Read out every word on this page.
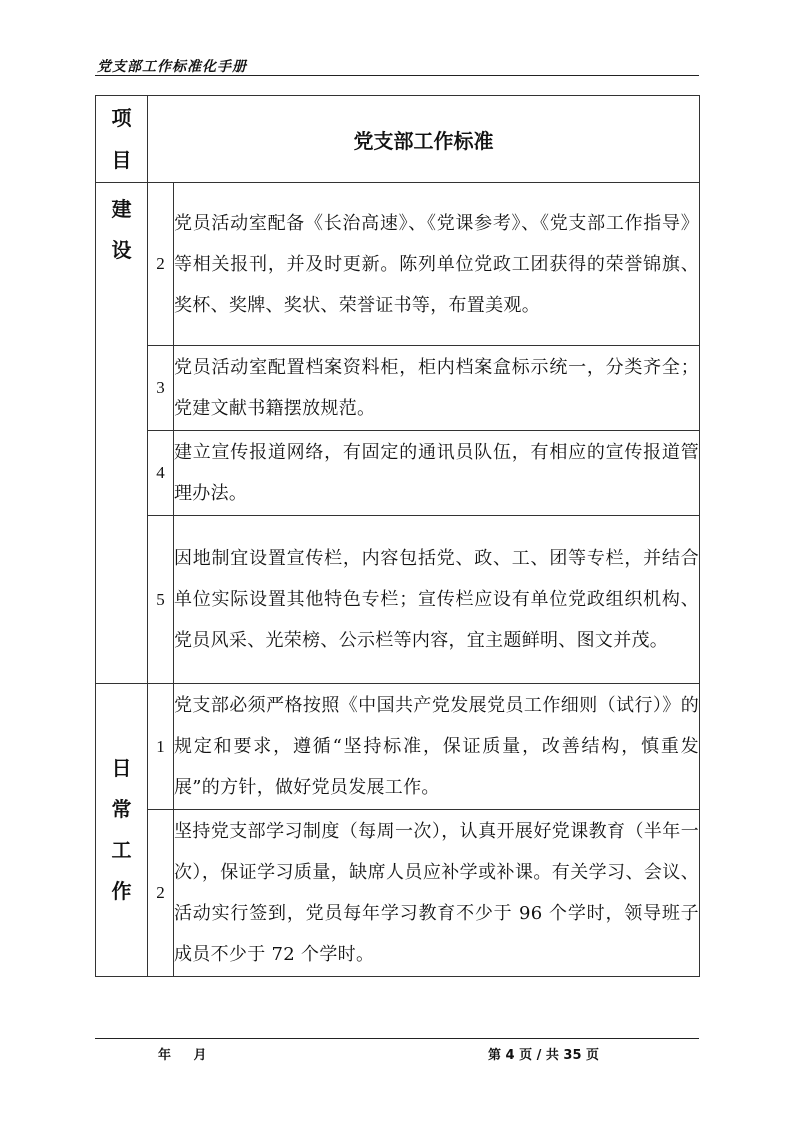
党支部工作标准化手册
项
目	党支部工作标准	

建
设	2	党员活动室配备《长治高速》、《党课参考》、《党支部工作指导》等相关报刊，并及时更新。陈列单位党政工团获得的荣誉锦旗、奖杯、奖牌、奖状、荣誉证书等，布置美观。
	3	党员活动室配置档案资料柜，柜内档案盒标示统一，分类齐全；党建文献书籍摆放规范。
	4	建立宣传报道网络，有固定的通讯员队伍，有相应的宣传报道管理办法。
	5	因地制宜设置宣传栏，内容包括党、政、工、团等专栏，并结合单位实际设置其他特色专栏；宣传栏应设有单位党政组织机构、党员风采、光荣榜、公示栏等内容，宜主题鲜明、图文并茂。

日
常
工
作	1	党支部必须严格按照《中国共产党发展党员工作细则（试行）》的规定和要求，遵循“坚持标准，保证质量，改善结构，慎重发展”的方针，做好党员发展工作。
	2	坚持党支部学习制度（每周一次），认真开展好党课教育（半年一次），保证学习质量，缺席人员应补学或补课。有关学习、会议、活动实行签到，党员每年学习教育不少于 96 个学时，领导班子成员不少于 72 个学时。
年 月	第 4 页 / 共 35 页
